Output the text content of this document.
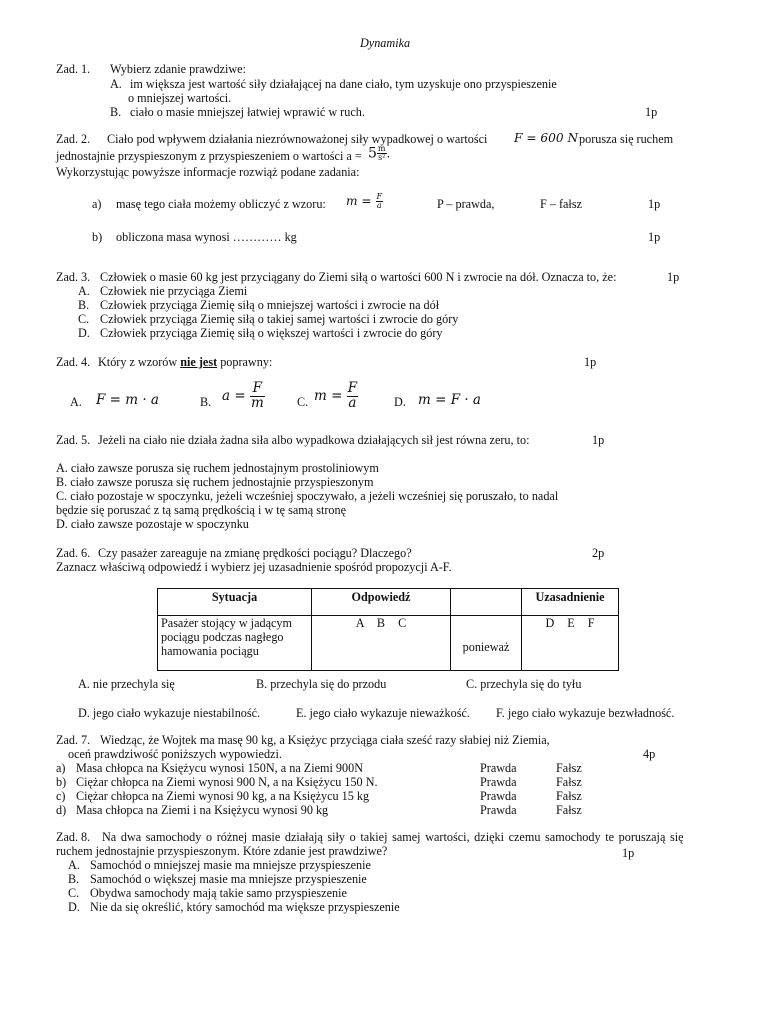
Dynamika
Zad. 1. Wybierz zdanie prawdziwe:
A. im większa jest wartość siły działającej na dane ciało, tym uzyskuje ono przyspieszenie
o mniejszej wartości.
B. ciało o masie mniejszej łatwiej wprawić w ruch.	1p
Zad. 2. Ciało pod wpływem działania niezrównoważonej siły wypadkowej o wartości F = 600 N porusza się ruchem
jednostajnie przyspieszonym z przyspieszeniem o wartości $a = 5 \frac{m}{\text{s²}}$ .
Wykorzystując powyższe informacje rozwiąż podane zadania:
a) masę tego ciała możemy obliczyć z wzoru: $m = \frac{F}{a}$	P – prawda,	F – fałsz	1p
b) obliczona masa wynosi ………… kg	1p
Zad. 3. Człowiek o masie 60 kg jest przyciągany do Ziemi siłą o wartości 600 N i zwrocie na dół. Oznacza to, że:	1p
A. Człowiek nie przyciąga Ziemi
B. Człowiek przyciąga Ziemię siłą o mniejszej wartości i zwrocie na dół
C. Człowiek przyciąga Ziemię siłą o takiej samej wartości i zwrocie do góry
D. Człowiek przyciąga Ziemię siłą o większej wartości i zwrocie do góry
Zad. 4. Który z wzorów nie jest poprawny:	1p
A. F = m · a	B. $a = \frac{F}{m}$	C. $m = \frac{F}{a}$	D. m = F · a
Zad. 5. Jeżeli na ciało nie działa żadna siła albo wypadkowa działających sił jest równa zeru, to:	1p
A. ciało zawsze porusza się ruchem jednostajnym prostoliniowym
B. ciało zawsze porusza się ruchem jednostajnie przyspieszonym
C. ciało pozostaje w spoczynku, jeżeli wcześniej spoczywało, a jeżeli wcześniej się poruszało, to nadal
będzie się poruszać z tą samą prędkością i w tę samą stronę
D. ciało zawsze pozostaje w spoczynku
Zad. 6. Czy pasażer zareaguje na zmianę prędkości pociągu? Dlaczego?	2p
Zaznacz właściwą odpowiedź i wybierz jej uzasadnienie spośród propozycji A-F.
Sytuacja	Odpowiedź		Uzasadnienie
Pasażer stojący w jadącym pociągu podczas nagłego hamowania pociągu	A B C	ponieważ	D E F
A. nie przechyla się	B. przechyla się do przodu	C. przechyla się do tyłu
D. jego ciało wykazuje niestabilność.	E. jego ciało wykazuje nieważkość. F. jego ciało wykazuje bezwładność.
Zad. 7. Wiedząc, że Wojtek ma masę 90 kg, a Księżyc przyciąga ciała sześć razy słabiej niż Ziemia,
oceń prawdziwość poniższych wypowiedzi.	4p
a) Masa chłopca na Księżycu wynosi 150N, a na Ziemi 900N	Prawda	Fałsz
b) Ciężar chłopca na Ziemi wynosi 900 N, a na Księżycu 150 N.	Prawda	Fałsz
c) Ciężar chłopca na Ziemi wynosi 90 kg, a na Księżycu 15 kg	Prawda	Fałsz
d) Masa chłopca na Ziemi i na Księżycu wynosi 90 kg	Prawda	Fałsz
Zad. 8. Na dwa samochody o różnej masie działają siły o takiej samej wartości, dzięki czemu samochody te poruszają się
ruchem jednostajnie przyspieszonym. Które zdanie jest prawdziwe?	1p
A. Samochód o mniejszej masie ma mniejsze przyspieszenie
B. Samochód o większej masie ma mniejsze przyspieszenie
C. Obydwa samochody mają takie samo przyspieszenie
D. Nie da się określić, który samochód ma większe przyspieszenie
